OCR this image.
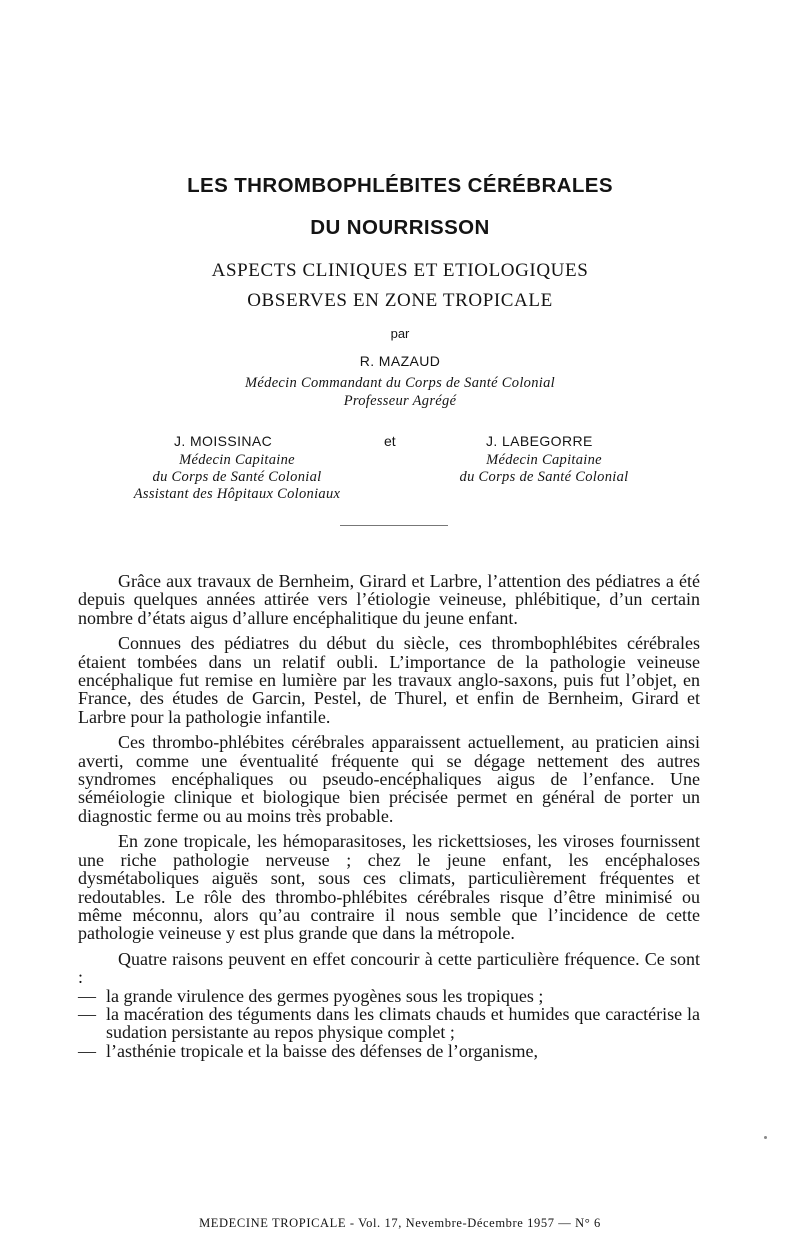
LES THROMBOPHLÉBITES CÉRÉBRALES
DU NOURRISSON
ASPECTS CLINIQUES ET ETIOLOGIQUES
OBSERVES EN ZONE TROPICALE
par
R. MAZAUD
Médecin Commandant du Corps de Santé Colonial
Professeur Agrégé
J. MOISSINAC	et	J. LABEGORRE
Médecin Capitaine
du Corps de Santé Colonial
Assistant des Hôpitaux Coloniaux
Médecin Capitaine
du Corps de Santé Colonial

Grâce aux travaux de Bernheim, Girard et Larbre, l’attention des pédiatres a été depuis quelques années attirée vers l’étiologie veineuse, phlébitique, d’un certain nombre d’états aigus d’allure encéphalitique du jeune enfant.

Connues des pédiatres du début du siècle, ces thrombophlébites cérébrales étaient tombées dans un relatif oubli. L’importance de la pathologie veineuse encéphalique fut remise en lumière par les travaux anglo-saxons, puis fut l’objet, en France, des études de Garcin, Pestel, de Thurel, et enfin de Bernheim, Girard et Larbre pour la pathologie infantile.

Ces thrombo-phlébites cérébrales apparaissent actuellement, au praticien ainsi averti, comme une éventualité fréquente qui se dégage nettement des autres syndromes encéphaliques ou pseudo-encéphaliques aigus de l’enfance. Une séméiologie clinique et biologique bien précisée permet en général de porter un diagnostic ferme ou au moins très probable.

En zone tropicale, les hémoparasitoses, les rickettsioses, les viroses fournissent une riche pathologie nerveuse ; chez le jeune enfant, les encéphaloses dysmétaboliques aiguës sont, sous ces climats, particulièrement fréquentes et redoutables. Le rôle des thrombo-phlébites cérébrales risque d’être minimisé ou même méconnu, alors qu’au contraire il nous semble que l’incidence de cette pathologie veineuse y est plus grande que dans la métropole.

Quatre raisons peuvent en effet concourir à cette particulière fréquence. Ce sont :

— la grande virulence des germes pyogènes sous les tropiques ;
— la macération des téguments dans les climats chauds et humides que caractérise la sudation persistante au repos physique complet ;
— l’asthénie tropicale et la baisse des défenses de l’organisme,
MEDECINE TROPICALE - Vol. 17, Nevembre-Décembre 1957 — N° 6
